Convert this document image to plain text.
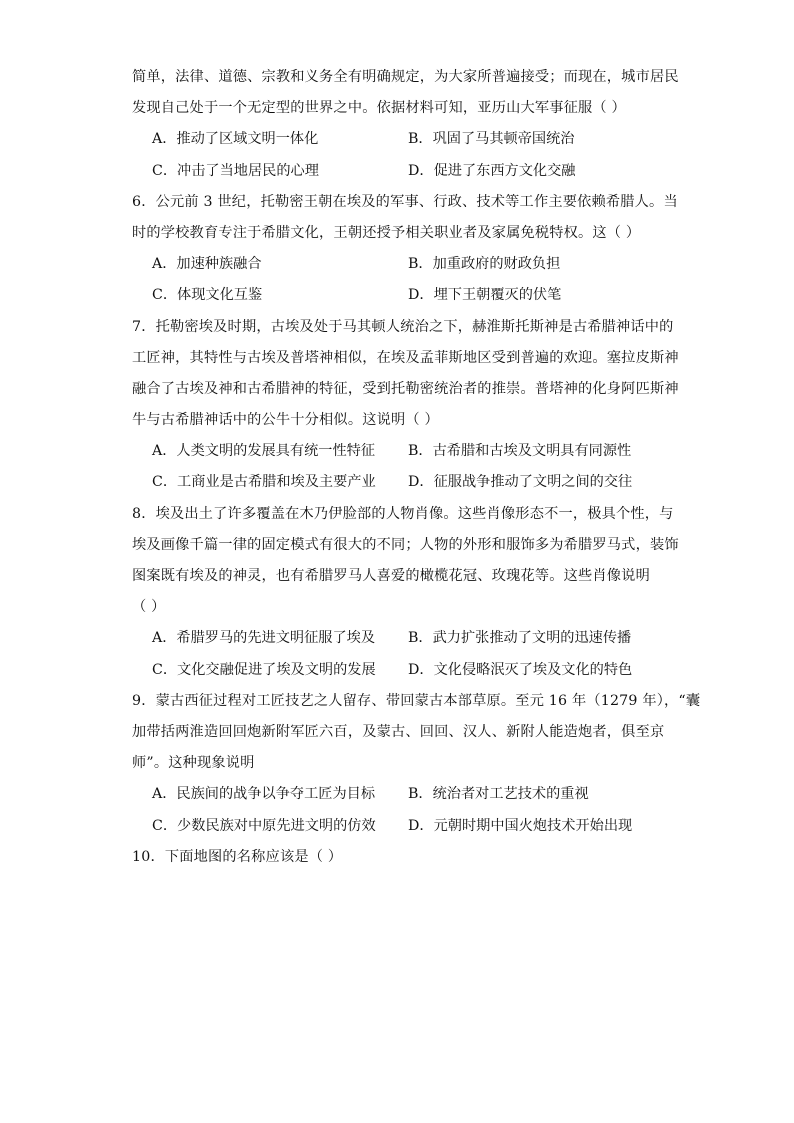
简单，法律、道德、宗教和义务全有明确规定，为大家所普遍接受；而现在，城市居民
发现自己处于一个无定型的世界之中。依据材料可知，亚历山大军事征服（ ）
A．推动了区域文明一体化	B．巩固了马其顿帝国统治
C．冲击了当地居民的心理	D．促进了东西方文化交融
6．公元前 3 世纪，托勒密王朝在埃及的军事、行政、技术等工作主要依赖希腊人。当
时的学校教育专注于希腊文化，王朝还授予相关职业者及家属免税特权。这（ ）
A．加速种族融合	B．加重政府的财政负担
C．体现文化互鉴	D．埋下王朝覆灭的伏笔
7．托勒密埃及时期，古埃及处于马其顿人统治之下，赫淮斯托斯神是古希腊神话中的
工匠神，其特性与古埃及普塔神相似，在埃及孟菲斯地区受到普遍的欢迎。塞拉皮斯神
融合了古埃及神和古希腊神的特征，受到托勒密统治者的推崇。普塔神的化身阿匹斯神
牛与古希腊神话中的公牛十分相似。这说明（ ）
A．人类文明的发展具有统一性特征	B．古希腊和古埃及文明具有同源性
C．工商业是古希腊和埃及主要产业	D．征服战争推动了文明之间的交往
8．埃及出土了许多覆盖在木乃伊脸部的人物肖像。这些肖像形态不一，极具个性，与
埃及画像千篇一律的固定模式有很大的不同；人物的外形和服饰多为希腊罗马式，装饰
图案既有埃及的神灵，也有希腊罗马人喜爱的橄榄花冠、玫瑰花等。这些肖像说明
（ ）
A．希腊罗马的先进文明征服了埃及	B．武力扩张推动了文明的迅速传播
C．文化交融促进了埃及文明的发展	D．文化侵略泯灭了埃及文化的特色
9．蒙古西征过程对工匠技艺之人留存、带回蒙古本部草原。至元 16 年（1279 年），“囊
加带括两淮造回回炮新附军匠六百，及蒙古、回回、汉人、新附人能造炮者，俱至京
师”。这种现象说明
A．民族间的战争以争夺工匠为目标	B．统治者对工艺技术的重视
C．少数民族对中原先进文明的仿效	D．元朝时期中国火炮技术开始出现
10．下面地图的名称应该是（ ）
